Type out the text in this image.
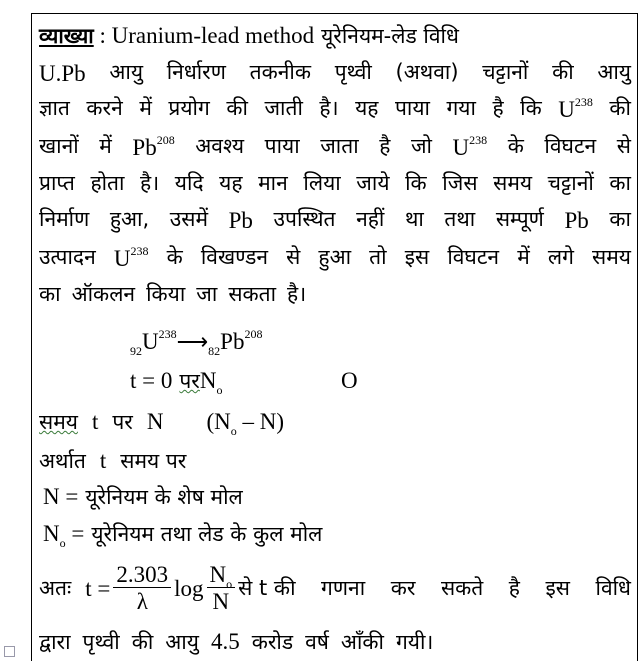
व्याख्या : Uranium-lead method यूरेनियम-लेड विधि
U.Pb आयु निर्धारण तकनीक पृथ्वी (अथवा) चट्टानों की आयु
ज्ञात करने में प्रयोग की जाती है। यह पाया गया है कि $U^{238}$ की
खानों में Pb$^{208}$ अवश्य पाया जाता है जो $U^{238}$ के विघटन से
प्राप्त होता है। यदि यह मान लिया जाये कि जिस समय चट्टानों का
निर्माण हुआ, उसमें Pb उपस्थित नहीं था तथा सम्पूर्ण Pb का
उत्पादन $U^{238}$ के विखण्डन से हुआ तो इस विघटन में लगे समय
का ऑकलन किया जा सकता है।
$_{92}U^{238}⟶_{82}Pb^{208}$
t = 0 परN$_o$	O
समय t पर N $(N_o - N)$
अर्थात t समय पर
N = यूरेनियम के शेष मोल
$N_o$ = यूरेनियम तथा लेड के कुल मोल
अतः $t = \frac{2.303}{\lambda}$ $\log \frac{N_o}{N}$ से t की गणना कर सकते है इस विधि
द्वारा पृथ्वी की आयु 4.5 करोड वर्ष आँकी गयी।
